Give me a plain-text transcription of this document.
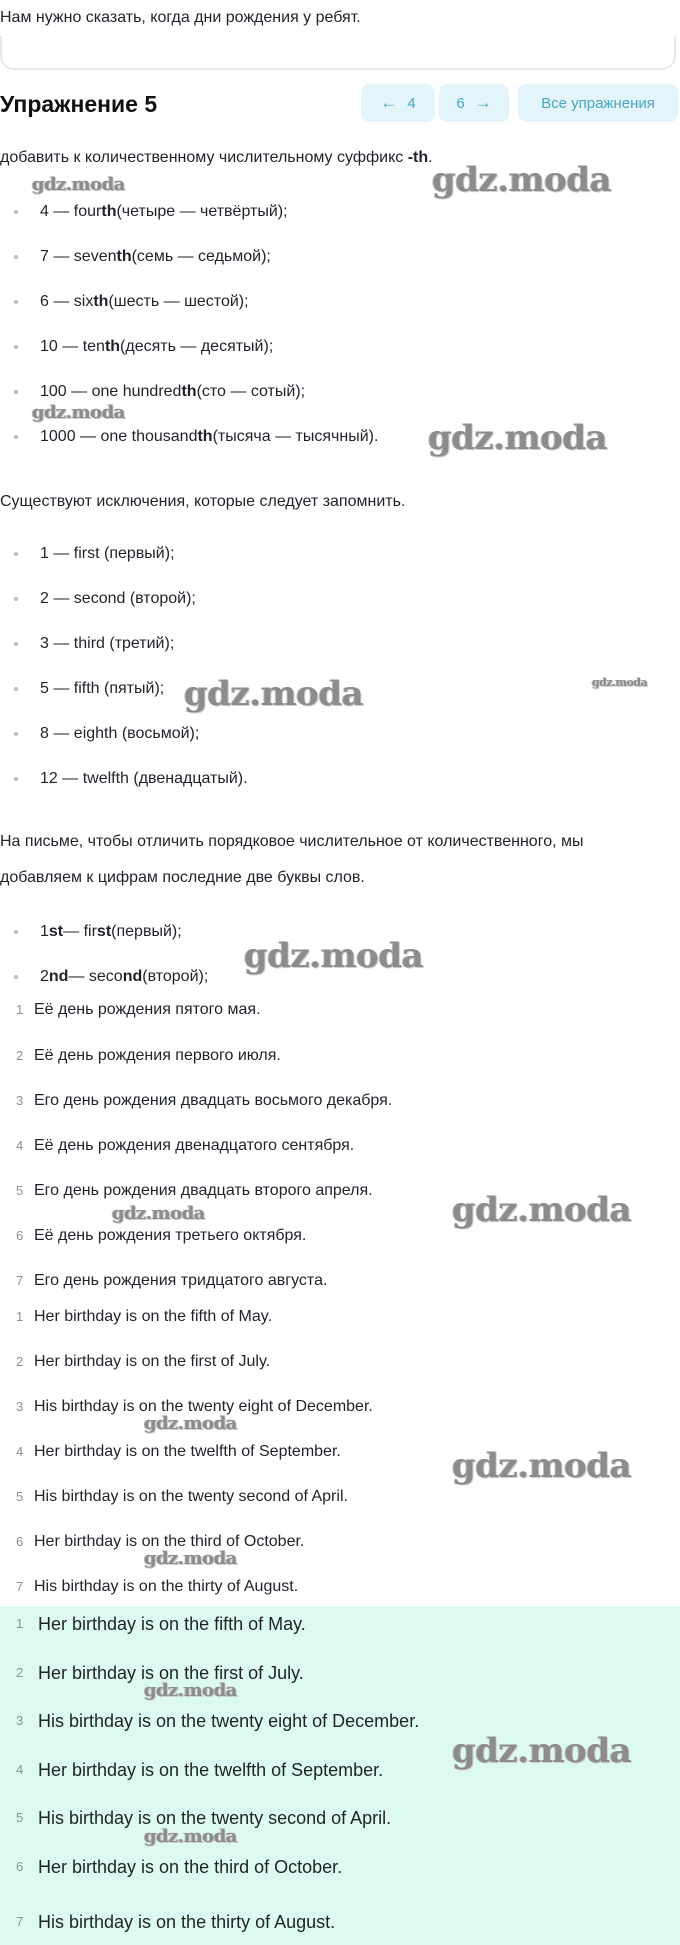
Нам нужно сказать, когда дни рождения у ребят.
Упражнение 5	← 4	6 →	Все упражнения
добавить к количественному числительному суффикс -th.
4 — four th (четыре — четвёртый);
7 — seven th (семь — седьмой);
6 — six th (шесть — шестой);
10 — ten th (десять — десятый);
100 — one hundred th (сто — сотый);
1000 — one thousand th (тысяча — тысячный).
Существуют исключения, которые следует запомнить.
1 — first (первый);
2 — second (второй);
3 — third (третий);
5 — fifth (пятый);
8 — eighth (восьмой);
12 — twelfth (двенадцатый).
На письме, чтобы отличить порядковое числительное от количественного, мы
добавляем к цифрам последние две буквы слов.
1 st — fir st (первый);
2 nd — seco nd (второй);
1 Её день рождения пятого мая.
2 Её день рождения первого июля.
3 Его день рождения двадцать восьмого декабря.
4 Её день рождения двенадцатого сентября.
5 Его день рождения двадцать второго апреля.
6 Её день рождения третьего октября.
7 Его день рождения тридцатого августа.
1 Her birthday is on the fifth of May.
2 Her birthday is on the first of July.
3 His birthday is on the twenty eight of December.
4 Her birthday is on the twelfth of September.
5 His birthday is on the twenty second of April.
6 Her birthday is on the third of October.
7 His birthday is on the thirty of August.
1 Her birthday is on the fifth of May.
2 Her birthday is on the first of July.
3 His birthday is on the twenty eight of December.
4 Her birthday is on the twelfth of September.
5 His birthday is on the twenty second of April.
6 Her birthday is on the third of October.
7 His birthday is on the thirty of August.
gdz.moda	gdz.moda
gdz.moda
gdz.moda
gdz.moda	gdz.moda
gdz.moda
gdz.moda
gdz.moda
gdz.moda
gdz.moda
gdz.moda
gdz.moda
gdz.moda
gdz.moda
